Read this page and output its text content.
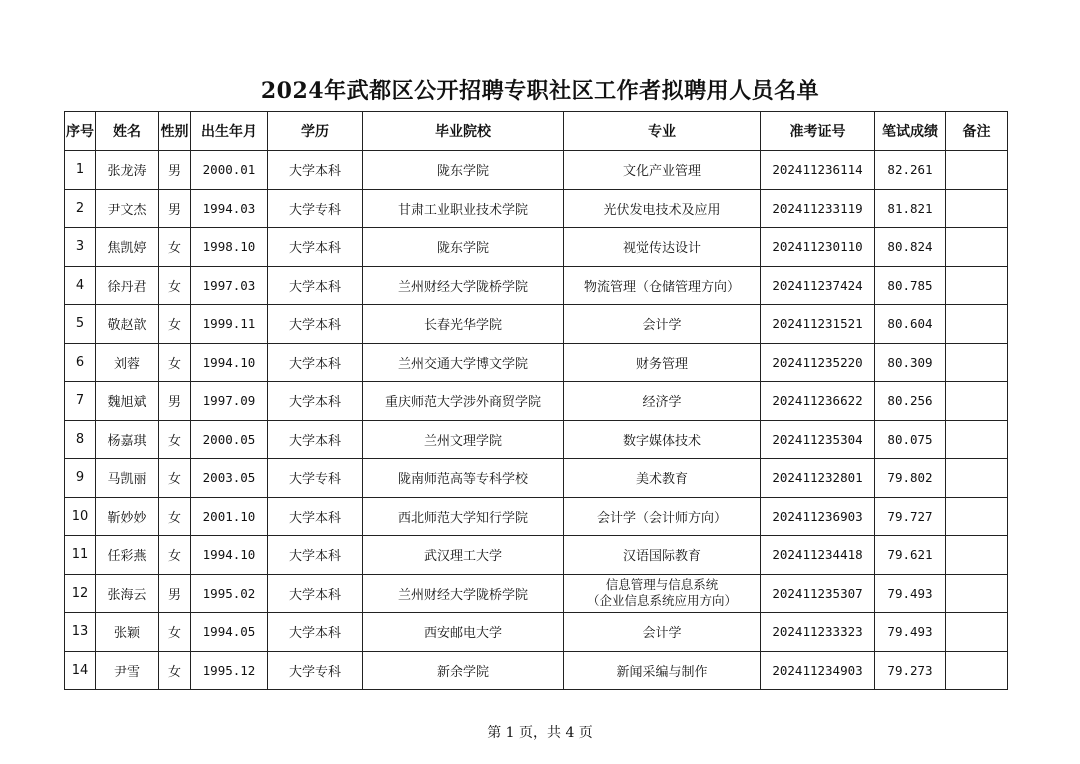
2024年武都区公开招聘专职社区工作者拟聘用人员名单
序号	姓名	性别	出生年月	学历	毕业院校	专业	准考证号	笔试成绩	备注
1	张龙涛	男	2000.01	大学本科	陇东学院	文化产业管理	202411236114	82.261	
2	尹文杰	男	1994.03	大学专科	甘肃工业职业技术学院	光伏发电技术及应用	202411233119	81.821	
3	焦凯婷	女	1998.10	大学本科	陇东学院	视觉传达设计	202411230110	80.824	
4	徐丹君	女	1997.03	大学本科	兰州财经大学陇桥学院	物流管理（仓储管理方向）	202411237424	80.785	
5	敬赵歆	女	1999.11	大学本科	长春光华学院	会计学	202411231521	80.604	
6	刘蓉	女	1994.10	大学本科	兰州交通大学博文学院	财务管理	202411235220	80.309	
7	魏旭斌	男	1997.09	大学本科	重庆师范大学涉外商贸学院	经济学	202411236622	80.256	
8	杨嘉琪	女	2000.05	大学本科	兰州文理学院	数字媒体技术	202411235304	80.075	
9	马凯丽	女	2003.05	大学专科	陇南师范高等专科学校	美术教育	202411232801	79.802	
10	靳妙妙	女	2001.10	大学本科	西北师范大学知行学院	会计学（会计师方向）	202411236903	79.727	
11	任彩燕	女	1994.10	大学本科	武汉理工大学	汉语国际教育	202411234418	79.621	
12	张海云	男	1995.02	大学本科	兰州财经大学陇桥学院	信息管理与信息系统
（企业信息系统应用方向）	202411235307	79.493	
13	张颖	女	1994.05	大学本科	西安邮电大学	会计学	202411233323	79.493	
14	尹雪	女	1995.12	大学专科	新余学院	新闻采编与制作	202411234903	79.273	
第 1 页，共 4 页
